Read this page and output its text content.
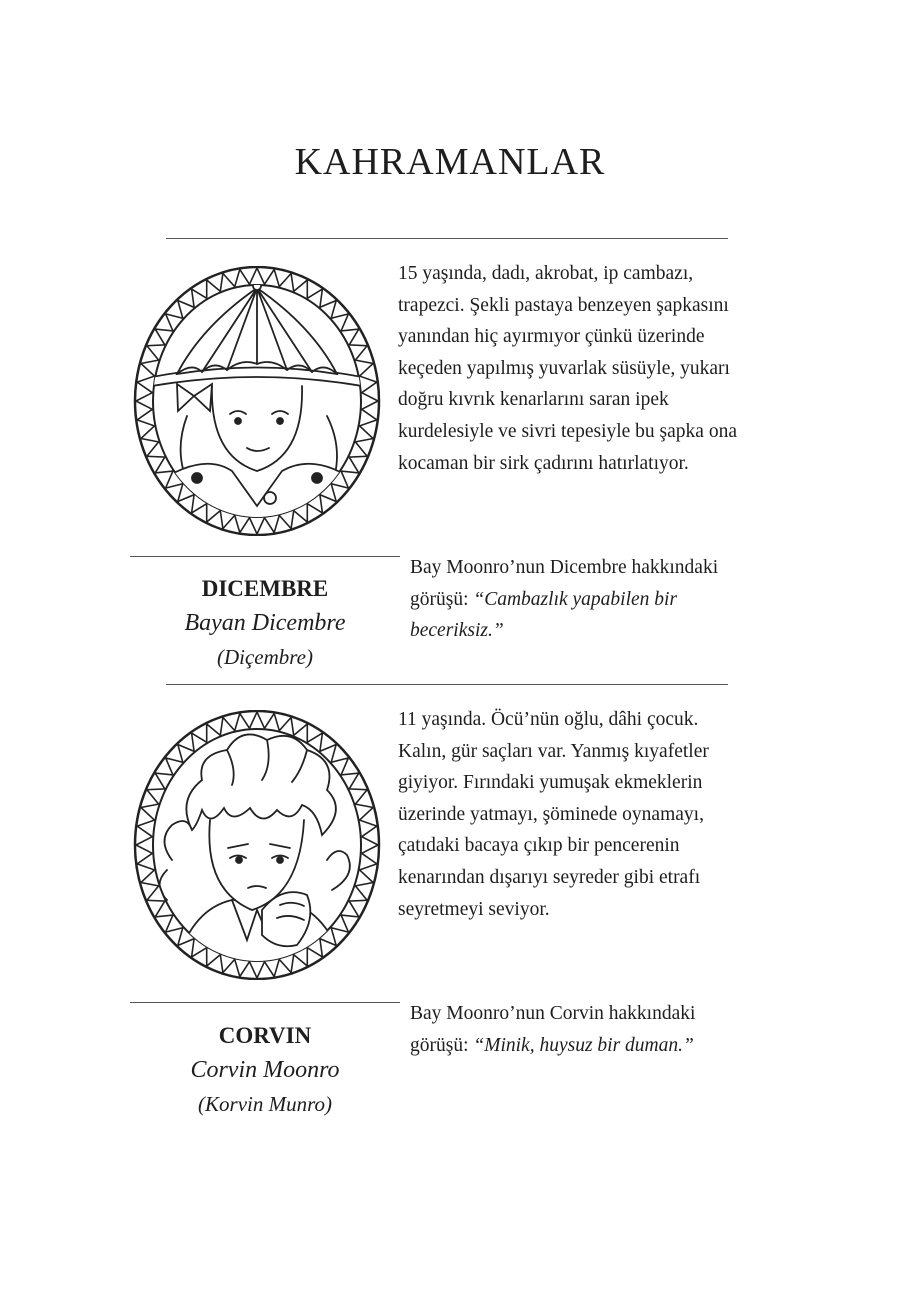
KAHRAMANLAR

15 yaşında, dadı, akrobat, ip cambazı, trapezci. Şekli pastaya benzeyen şapkasını yanından hiç ayırmıyor çünkü üzerinde keçeden yapılmış yuvarlak süsüyle, yukarı doğru kıvrık kenarlarını saran ipek kurdelesiyle ve sivri tepesiyle bu şapka ona kocaman bir sirk çadırını hatırlatıyor.

Bay Moonro’nun Dicembre hakkındaki görüşü: “Cambazlık yapabilen bir beceriksiz.”

DICEMBRE
Bayan Dicembre
(Diçembre)

11 yaşında. Öcü’nün oğlu, dâhi çocuk. Kalın, gür saçları var. Yanmış kıyafetler giyiyor. Fırındaki yumuşak ekmeklerin üzerinde yatmayı, şöminede oynamayı, çatıdaki bacaya çıkıp bir pencerenin kenarından dışarıyı seyreder gibi etrafı seyretmeyi seviyor.

Bay Moonro’nun Corvin hakkındaki görüşü: “Minik, huysuz bir duman.”

CORVIN
Corvin Moonro
(Korvin Munro)
